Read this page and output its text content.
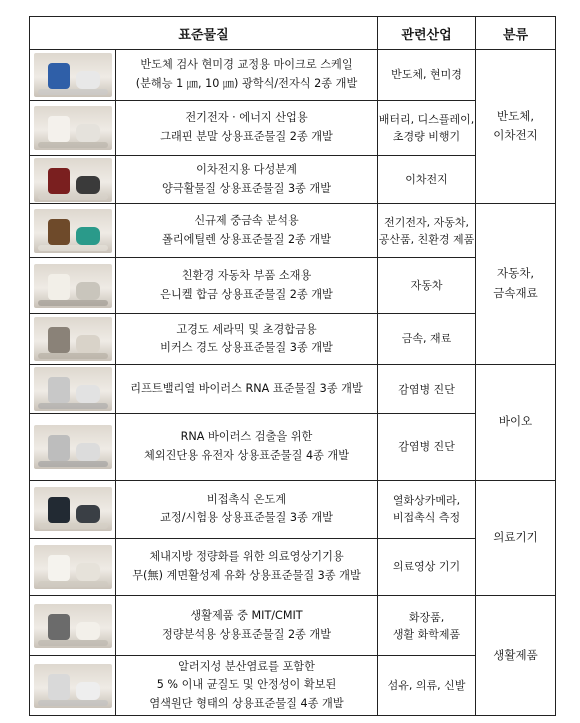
표준물질		관련산업	분류

	반도체 검사 현미경 교정용 마이크로 스케일
(분해능 1 ㎛, 10 ㎛) 광학식/전자식 2종 개발	반도체, 현미경	반도체,
이차전지

	전기전자 · 에너지 산업용
그래핀 분말 상용표준물질 2종 개발	배터리, 디스플레이,
초경량 비행기	

	이차전지용 다성분계
양극활물질 상용표준물질 3종 개발	이차전지	

	신규제 중금속 분석용
폴리에틸렌 상용표준물질 2종 개발	전기전자, 자동차,
공산품, 친환경 제품	자동차,
금속재료

	친환경 자동차 부품 소재용
은니켈 합금 상용표준물질 2종 개발	자동차	

	고경도 세라믹 및 초경합금용
비커스 경도 상용표준물질 3종 개발	금속, 재료	

	리프트밸리열 바이러스 RNA 표준물질 3종 개발	감염병 진단	바이오

	RNA 바이러스 검출을 위한
체외진단용 유전자 상용표준물질 4종 개발	감염병 진단	

	비접촉식 온도계
교정/시험용 상용표준물질 3종 개발	열화상카메라,
비접촉식 측정	의료기기

	체내지방 정량화를 위한 의료영상기기용
무(無) 계면활성제 유화 상용표준물질 3종 개발	의료영상 기기	

	생활제품 중 MIT/CMIT
정량분석용 상용표준물질 2종 개발	화장품,
생활 화학제품	생활제품

	알러지성 분산염료를 포함한
5 % 이내 균질도 및 안정성이 확보된
염색원단 형태의 상용표준물질 4종 개발	섬유, 의류, 신발	
